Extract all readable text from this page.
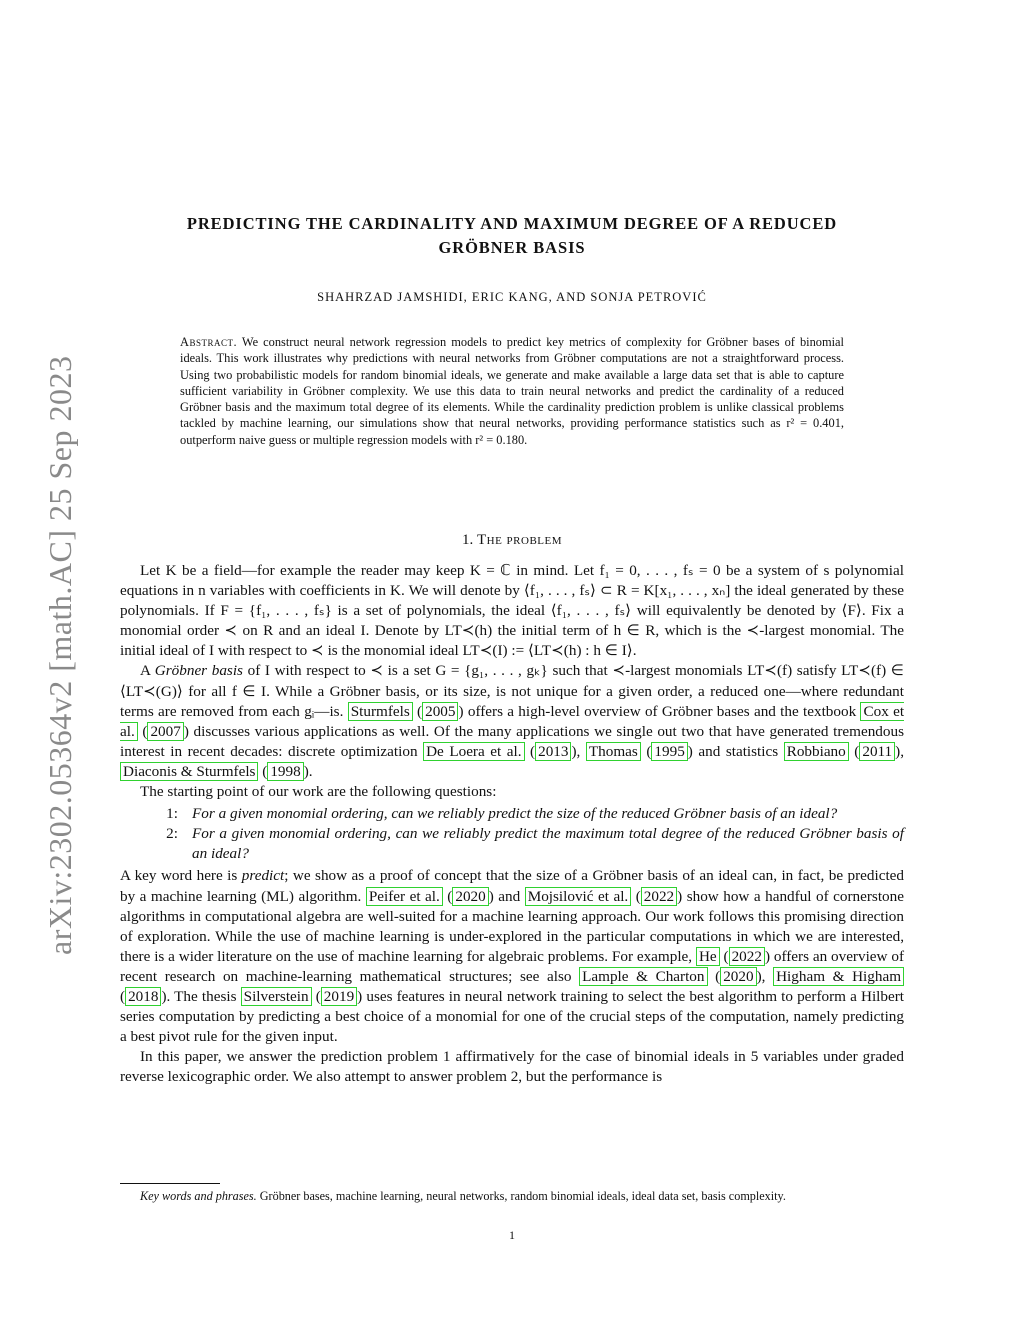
arXiv:2302.05364v2 [math.AC] 25 Sep 2023
PREDICTING THE CARDINALITY AND MAXIMUM DEGREE OF A REDUCED
GRÖBNER BASIS
SHAHRZAD JAMSHIDI, ERIC KANG, AND SONJA PETROVIĆ
Abstract. We construct neural network regression models to predict key metrics of complexity for Gröbner bases of binomial ideals. This work illustrates why predictions with neural networks from Gröbner computations are not a straightforward process. Using two probabilistic models for random binomial ideals, we generate and make available a large data set that is able to capture sufficient variability in Gröbner complexity. We use this data to train neural networks and predict the cardinality of a reduced Gröbner basis and the maximum total degree of its elements. While the cardinality prediction problem is unlike classical problems tackled by machine learning, our simulations show that neural networks, providing performance statistics such as r² = 0.401, outperform naive guess or multiple regression models with r² = 0.180.
1. The problem

Let K be a field—for example the reader may keep K = ℂ in mind. Let f₁ = 0, . . . , fₛ = 0 be a system of s polynomial equations in n variables with coefficients in K. We will denote by ⟨f₁, . . . , fₛ⟩ ⊂ R = K[x₁, . . . , xₙ] the ideal generated by these polynomials. If F = {f₁, . . . , fₛ} is a set of polynomials, the ideal ⟨f₁, . . . , fₛ⟩ will equivalently be denoted by ⟨F⟩. Fix a monomial order ≺ on R and an ideal I. Denote by LT≺(h) the initial term of h ∈ R, which is the ≺-largest monomial. The initial ideal of I with respect to ≺ is the monomial ideal LT≺(I) := ⟨LT≺(h) : h ∈ I⟩.

A Gröbner basis of I with respect to ≺ is a set G = {g₁, . . . , gₖ} such that ≺-largest monomials LT≺(f) satisfy LT≺(f) ∈ ⟨LT≺(G)⟩ for all f ∈ I. While a Gröbner basis, or its size, is not unique for a given order, a reduced one—where redundant terms are removed from each gᵢ—is. Sturmfels ( 2005 ) offers a high-level overview of Gröbner bases and the textbook Cox et al. ( 2007 ) discusses various applications as well. Of the many applications we single out two that have generated tremendous interest in recent decades: discrete optimization De Loera et al. ( 2013 ), Thomas ( 1995 ) and statistics Robbiano ( 2011 ), Diaconis & Sturmfels ( 1998 ).

The starting point of our work are the following questions:

1: For a given monomial ordering, can we reliably predict the size of the reduced Gröbner basis of an ideal?
2: For a given monomial ordering, can we reliably predict the maximum total degree of the reduced Gröbner basis of an ideal?

A key word here is predict; we show as a proof of concept that the size of a Gröbner basis of an ideal can, in fact, be predicted by a machine learning (ML) algorithm. Peifer et al. ( 2020 ) and Mojsilović et al. ( 2022 ) show how a handful of cornerstone algorithms in computational algebra are well-suited for a machine learning approach. Our work follows this promising direction of exploration. While the use of machine learning is under-explored in the particular computations in which we are interested, there is a wider literature on the use of machine learning for algebraic problems. For example, He ( 2022 ) offers an overview of recent research on machine-learning mathematical structures; see also Lample & Charton ( 2020 ), Higham & Higham ( 2018 ). The thesis Silverstein ( 2019 ) uses features in neural network training to select the best algorithm to perform a Hilbert series computation by predicting a best choice of a monomial for one of the crucial steps of the computation, namely predicting a best pivot rule for the given input.

In this paper, we answer the prediction problem 1 affirmatively for the case of binomial ideals in 5 variables under graded reverse lexicographic order. We also attempt to answer problem 2, but the performance is

Key words and phrases. Gröbner bases, machine learning, neural networks, random binomial ideals, ideal data set, basis complexity.
1
